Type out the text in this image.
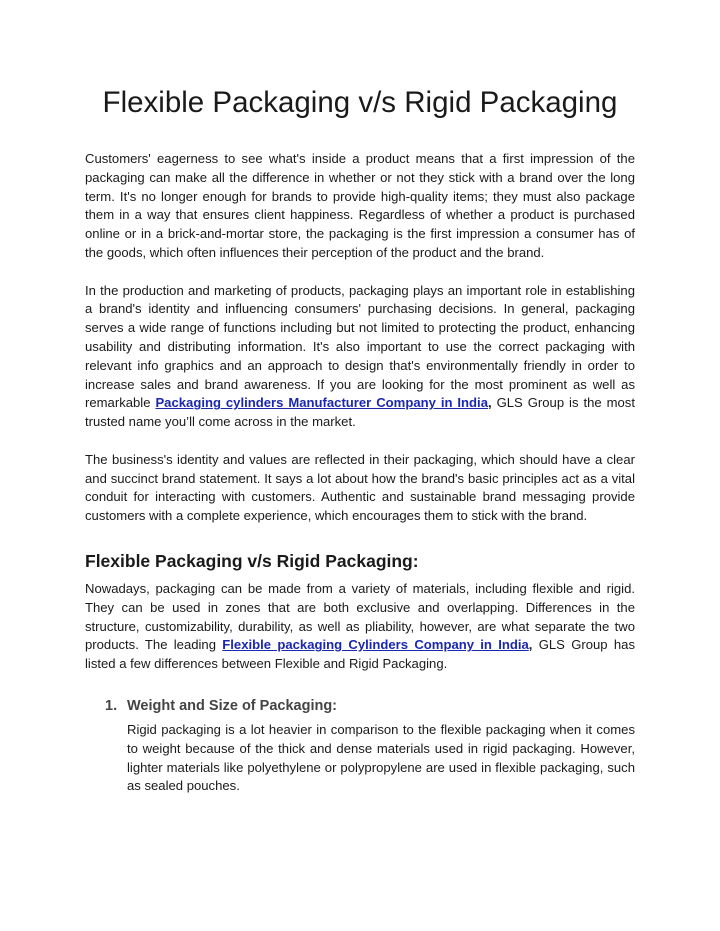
Flexible Packaging v/s Rigid Packaging

Customers' eagerness to see what's inside a product means that a first impression of the packaging can make all the difference in whether or not they stick with a brand over the long term. It's no longer enough for brands to provide high-quality items; they must also package them in a way that ensures client happiness. Regardless of whether a product is purchased online or in a brick-and-mortar store, the packaging is the first impression a consumer has of the goods, which often influences their perception of the product and the brand.

In the production and marketing of products, packaging plays an important role in establishing a brand's identity and influencing consumers' purchasing decisions. In general, packaging serves a wide range of functions including but not limited to protecting the product, enhancing usability and distributing information. It's also important to use the correct packaging with relevant info graphics and an approach to design that's environmentally friendly in order to increase sales and brand awareness. If you are looking for the most prominent as well as remarkable Packaging cylinders Manufacturer Company in India, GLS Group is the most trusted name you’ll come across in the market.

The business's identity and values are reflected in their packaging, which should have a clear and succinct brand statement. It says a lot about how the brand's basic principles act as a vital conduit for interacting with customers. Authentic and sustainable brand messaging provide customers with a complete experience, which encourages them to stick with the brand.

Flexible Packaging v/s Rigid Packaging:

Nowadays, packaging can be made from a variety of materials, including flexible and rigid. They can be used in zones that are both exclusive and overlapping. Differences in the structure, customizability, durability, as well as pliability, however, are what separate the two products. The leading Flexible packaging Cylinders Company in India, GLS Group has listed a few differences between Flexible and Rigid Packaging.

1. Weight and Size of Packaging:

Rigid packaging is a lot heavier in comparison to the flexible packaging when it comes to weight because of the thick and dense materials used in rigid packaging. However, lighter materials like polyethylene or polypropylene are used in flexible packaging, such as sealed pouches.
